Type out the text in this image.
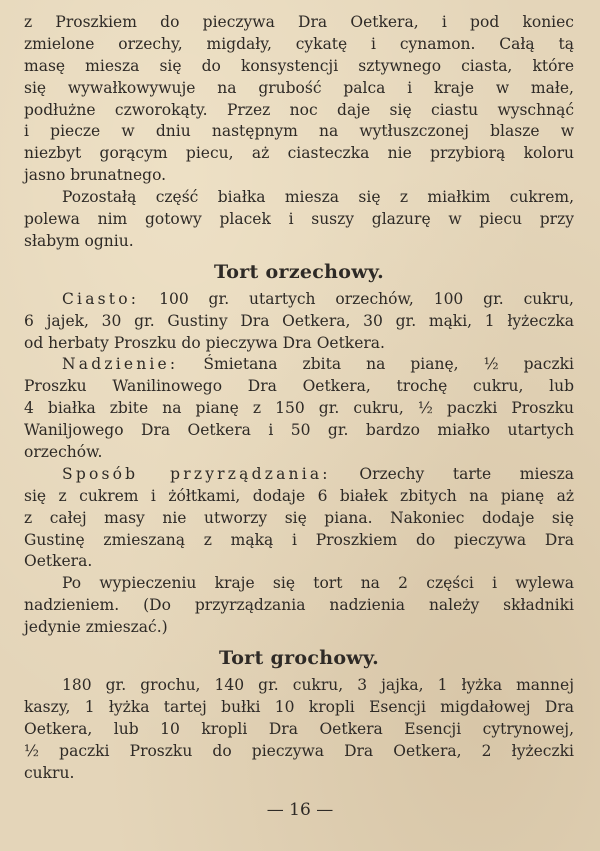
z Proszkiem do pieczywa Dra Oetkera, i pod koniec
zmielone orzechy, migdały, cykatę i cynamon. Całą tą
masę miesza się do konsystencji sztywnego ciasta, które
się wywałkowywuje na grubość palca i kraje w małe,
podłużne czworokąty. Przez noc daje się ciastu wyschnąć
i piecze w dniu następnym na wytłuszczonej blasze w
niezbyt gorącym piecu, aż ciasteczka nie przybiorą koloru
jasno brunatnego.
Pozostałą część białka miesza się z miałkim cukrem,
polewa nim gotowy placek i suszy glazurę w piecu przy
słabym ogniu.
Tort orzechowy.
Ciasto: 100 gr. utartych orzechów, 100 gr. cukru,
6 jajek, 30 gr. Gustiny Dra Oetkera, 30 gr. mąki, 1 łyżeczka
od herbaty Proszku do pieczywa Dra Oetkera.
Nadzienie: Śmietana zbita na pianę, ½ paczki
Proszku Wanilinowego Dra Oetkera, trochę cukru, lub
4 białka zbite na pianę z 150 gr. cukru, ½ paczki Proszku
Waniljowego Dra Oetkera i 50 gr. bardzo miałko utartych
orzechów.
Sposób przyrządzania: Orzechy tarte miesza
się z cukrem i żółtkami, dodaje 6 białek zbitych na pianę aż
z całej masy nie utworzy się piana. Nakoniec dodaje się
Gustinę zmieszaną z mąką i Proszkiem do pieczywa Dra
Oetkera.
Po wypieczeniu kraje się tort na 2 części i wylewa
nadzieniem. (Do przyrządzania nadzienia należy składniki
jedynie zmieszać.)
Tort grochowy.
180 gr. grochu, 140 gr. cukru, 3 jajka, 1 łyżka mannej
kaszy, 1 łyżka tartej bułki 10 kropli Esencji migdałowej Dra
Oetkera, lub 10 kropli Dra Oetkera Esencji cytrynowej,
½ paczki Proszku do pieczywa Dra Oetkera, 2 łyżeczki
cukru.
— 16 —
